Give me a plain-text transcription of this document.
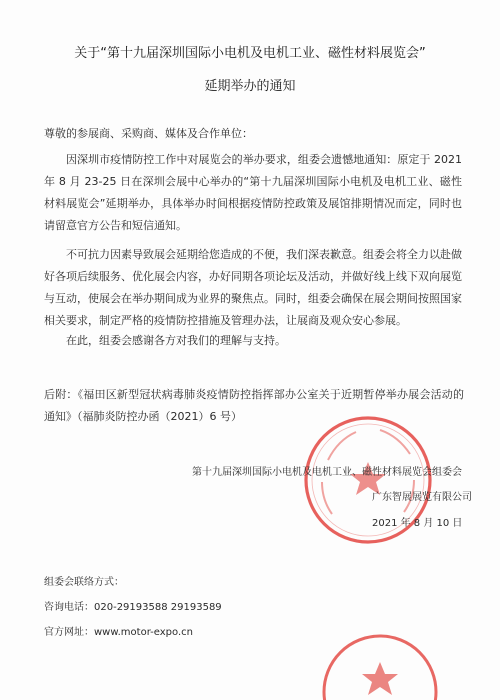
关于“第十九届深圳国际小电机及电机工业、磁性材料展览会”
延期举办的通知
尊敬的参展商、采购商、媒体及合作单位：
因深圳市疫情防控工作中对展览会的举办要求，组委会遗憾地通知：原定于 2021 年 8 月 23-25 日在深圳会展中心举办的“第十九届深圳国际小电机及电机工业、磁性材料展览会”延期举办，具体举办时间根据疫情防控政策及展馆排期情况而定，同时也请留意官方公告和短信通知。
不可抗力因素导致展会延期给您造成的不便，我们深表歉意。组委会将全力以赴做好各项后续服务、优化展会内容，办好同期各项论坛及活动，并做好线上线下双向展览与互动，使展会在举办期间成为业界的聚焦点。同时，组委会确保在展会期间按照国家相关要求，制定严格的疫情防控措施及管理办法，让展商及观众安心参展。
在此，组委会感谢各方对我们的理解与支持。
后附：《福田区新型冠状病毒肺炎疫情防控指挥部办公室关于近期暂停举办展会活动的通知》（福肺炎防控办函（2021）6 号）
第十九届深圳国际小电机及电机工业、磁性材料展览会组委会
广东智展展览有限公司
2021 年 8 月 10 日
组委会联络方式：
咨询电话：020-29193588 29193589
官方网址：www.motor-expo.cn
